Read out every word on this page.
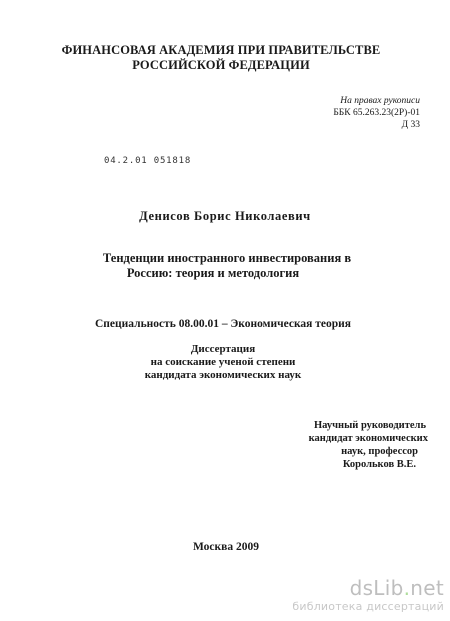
ФИНАНСОВАЯ АКАДЕМИЯ ПРИ ПРАВИТЕЛЬСТВЕ
РОССИЙСКОЙ ФЕДЕРАЦИИ
На правах рукописи
ББК 65.263.23(2Р)-01
Д 33
04.2.01 051818
Денисов Борис Николаевич
Тенденции иностранного инвестирования в
Россию: теория и методология
Специальность 08.00.01 – Экономическая теория
Диссертация
на соискание ученой степени
кандидата экономических наук
Научный руководитель
кандидат экономических
наук, профессор
Корольков В.Е.
Москва 2009
dsLib.net
библиотека диссертаций
